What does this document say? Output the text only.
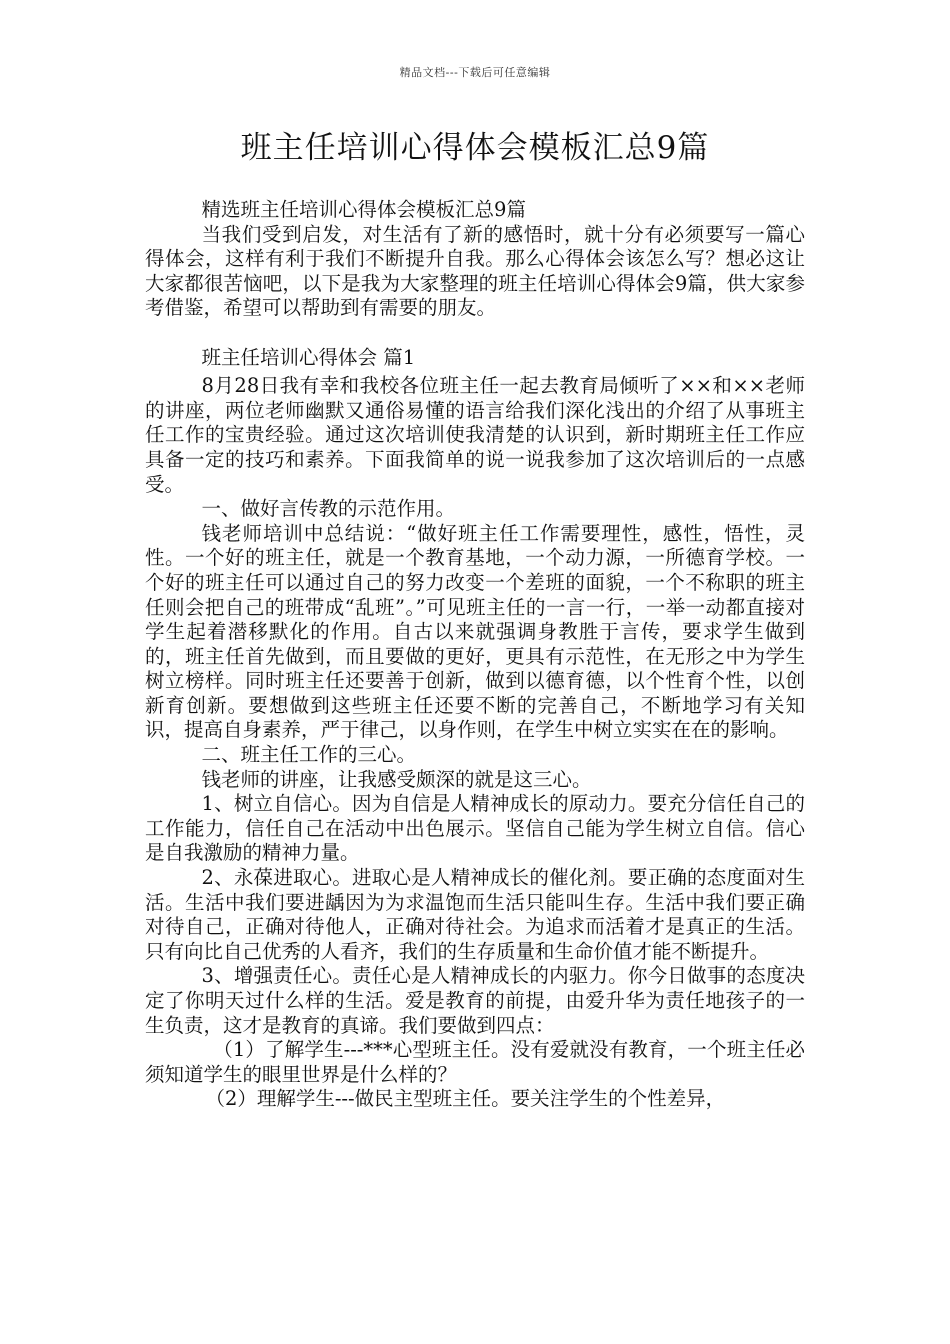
精品文档---下载后可任意编辑
班主任培训心得体会模板汇总9篇

精选班主任培训心得体会模板汇总9篇

当我们受到启发，对生活有了新的感悟时，就十分有必须要写一篇心得体会，这样有利于我们不断提升自我。那么心得体会该怎么写？想必这让大家都很苦恼吧，以下是我为大家整理的班主任培训心得体会9篇，供大家参考借鉴，希望可以帮助到有需要的朋友。

班主任培训心得体会 篇1

8月28日我有幸和我校各位班主任一起去教育局倾听了××和××老师的讲座，两位老师幽默又通俗易懂的语言给我们深化浅出的介绍了从事班主任工作的宝贵经验。通过这次培训使我清楚的认识到，新时期班主任工作应具备一定的技巧和素养。下面我简单的说一说我参加了这次培训后的一点感受。

一、做好言传教的示范作用。

钱老师培训中总结说：“做好班主任工作需要理性，感性，悟性，灵性。一个好的班主任，就是一个教育基地，一个动力源，一所德育学校。一个好的班主任可以通过自己的努力改变一个差班的面貌，一个不称职的班主任则会把自己的班带成“乱班”。”可见班主任的一言一行，一举一动都直接对学生起着潜移默化的作用。自古以来就强调身教胜于言传，要求学生做到的，班主任首先做到，而且要做的更好，更具有示范性，在无形之中为学生树立榜样。同时班主任还要善于创新，做到以德育德，以个性育个性，以创新育创新。要想做到这些班主任还要不断的完善自己，不断地学习有关知识，提高自身素养，严于律己，以身作则，在学生中树立实实在在的影响。

二、班主任工作的三心。

钱老师的讲座，让我感受颇深的就是这三心。

1、树立自信心。因为自信是人精神成长的原动力。要充分信任自己的工作能力，信任自己在活动中出色展示。坚信自己能为学生树立自信。信心是自我激励的精神力量。

2、永葆进取心。进取心是人精神成长的催化剂。要正确的态度面对生活。生活中我们要进龋因为为求温饱而生活只能叫生存。生活中我们要正确对待自己，正确对待他人，正确对待社会。为追求而活着才是真正的生活。只有向比自己优秀的人看齐，我们的生存质量和生命价值才能不断提升。

3、增强责任心。责任心是人精神成长的内驱力。你今日做事的态度决定了你明天过什么样的生活。爱是教育的前提，由爱升华为责任地孩子的一生负责，这才是教育的真谛。我们要做到四点：

（1）了解学生---***心型班主任。没有爱就没有教育，一个班主任必须知道学生的眼里世界是什么样的？

（2）理解学生---做民主型班主任。要关注学生的个性差异，
